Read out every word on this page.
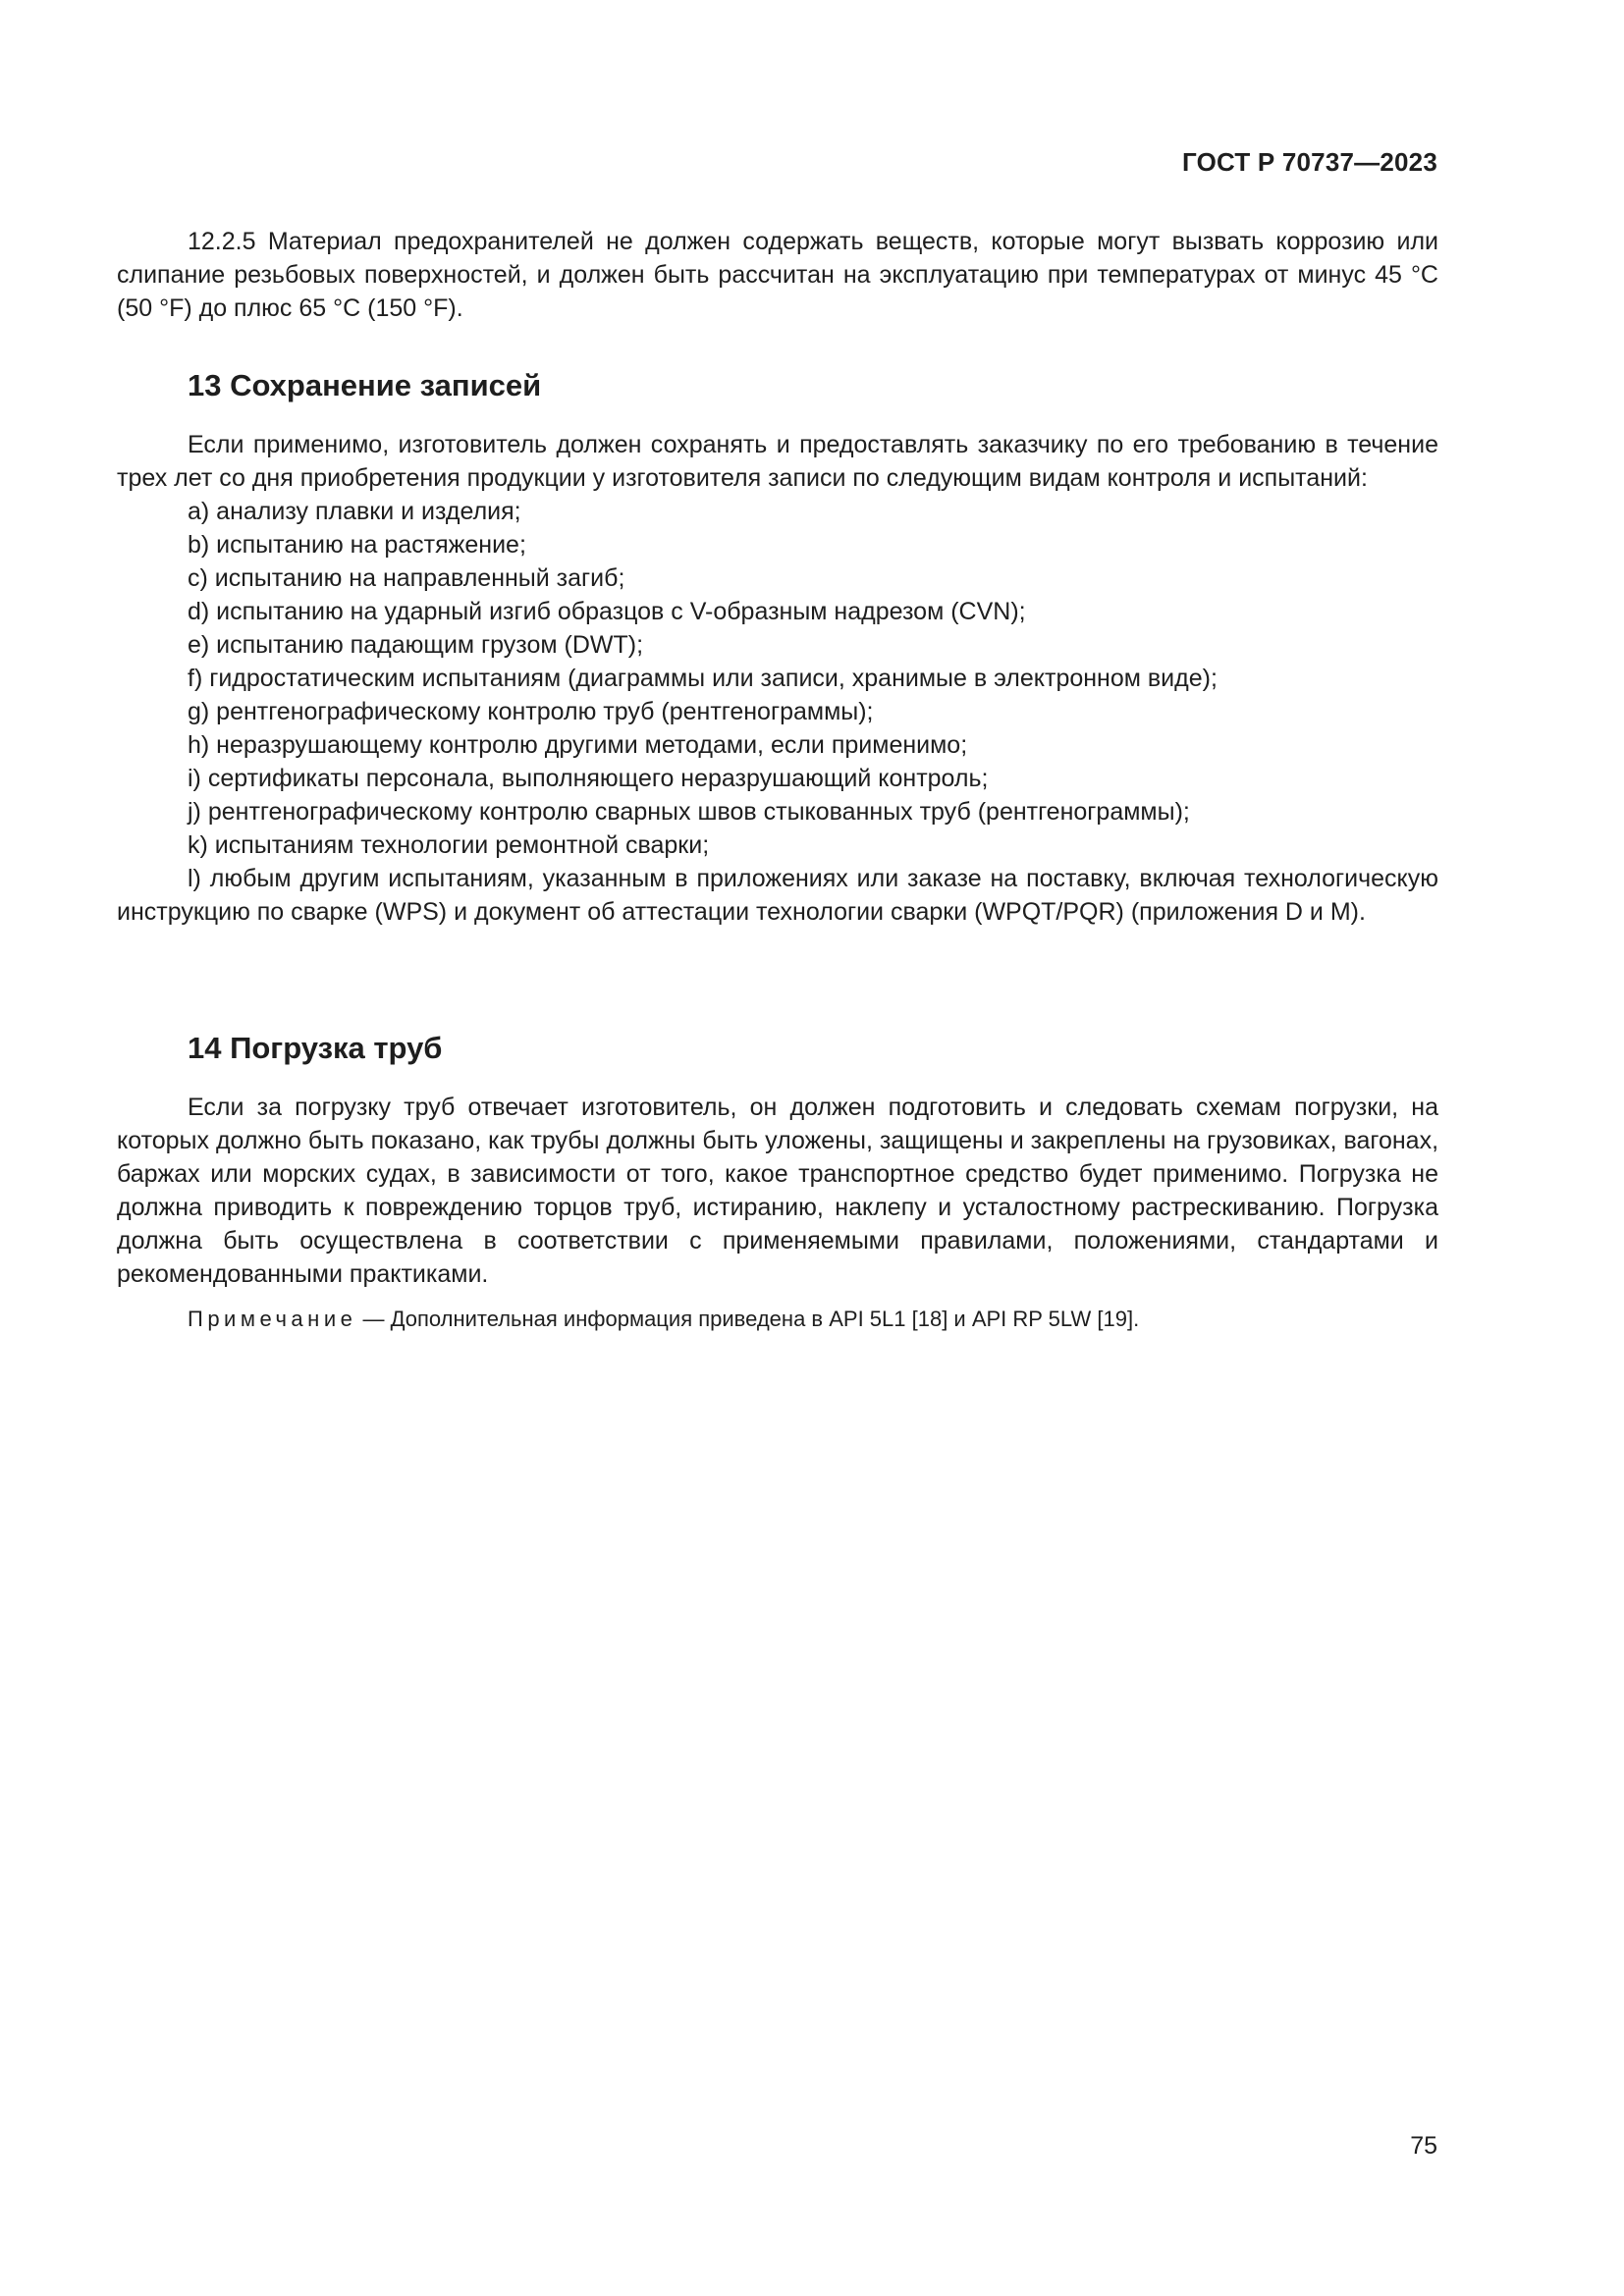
ГОСТ Р 70737—2023

12.2.5 Материал предохранителей не должен содержать веществ, которые могут вызвать коррозию или слипание резьбовых поверхностей, и должен быть рассчитан на эксплуатацию при температурах от минус 45 °С (50 °F) до плюс 65 °С (150 °F).

13 Сохранение записей

Если применимо, изготовитель должен сохранять и предоставлять заказчику по его требованию в течение трех лет со дня приобретения продукции у изготовителя записи по следующим видам контроля и испытаний:

a) анализу плавки и изделия;
b) испытанию на растяжение;
c) испытанию на направленный загиб;
d) испытанию на ударный изгиб образцов с V-образным надрезом (CVN);
e) испытанию падающим грузом (DWT);
f) гидростатическим испытаниям (диаграммы или записи, хранимые в электронном виде);
g) рентгенографическому контролю труб (рентгенограммы);
h) неразрушающему контролю другими методами, если применимо;
i) сертификаты персонала, выполняющего неразрушающий контроль;
j) рентгенографическому контролю сварных швов стыкованных труб (рентгенограммы);
k) испытаниям технологии ремонтной сварки;
l) любым другим испытаниям, указанным в приложениях или заказе на поставку, включая технологическую инструкцию по сварке (WPS) и документ об аттестации технологии сварки (WPQT/PQR) (приложения D и M).
14 Погрузка труб

Если за погрузку труб отвечает изготовитель, он должен подготовить и следовать схемам погрузки, на которых должно быть показано, как трубы должны быть уложены, защищены и закреплены на грузовиках, вагонах, баржах или морских судах, в зависимости от того, какое транспортное средство будет применимо. Погрузка не должна приводить к повреждению торцов труб, истиранию, наклепу и усталостному растрескиванию. Погрузка должна быть осуществлена в соответствии с применяемыми правилами, положениями, стандартами и рекомендованными практиками.

Примечание — Дополнительная информация приведена в API 5L1 [18] и API RP 5LW [19].
75
